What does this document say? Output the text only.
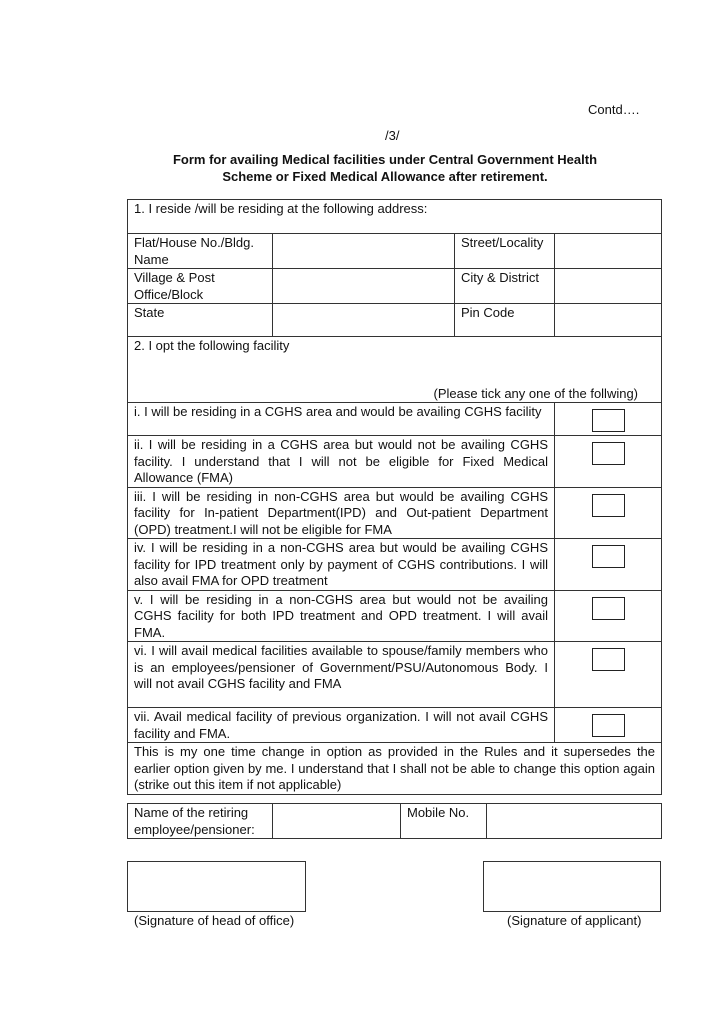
Contd….
/3/
Form for availing Medical facilities under Central Government Health
Scheme or Fixed Medical Allowance after retirement.
1. I reside /will be residing at the following address:			
Flat/House No./Bldg. Name		Street/Locality	
Village & Post Office/Block		City & District	
State		Pin Code	

2. I opt the following facility
(Please tick any one of the follwing)			

i. I will be residing in a CGHS area and would be availing CGHS facility			

ii. I will be residing in a CGHS area but would not be availing CGHS facility. I understand that I will not be eligible for Fixed Medical Allowance (FMA)			

iii. I will be residing in non-CGHS area but would be availing CGHS facility for In-patient Department(IPD) and Out-patient Department (OPD) treatment.I will not be eligible for FMA			

iv. I will be residing in a non-CGHS area but would be availing CGHS facility for IPD treatment only by payment of CGHS contributions. I will also avail FMA for OPD treatment			

v. I will be residing in a non-CGHS area but would not be availing CGHS facility for both IPD treatment and OPD treatment. I will avail FMA.			

vi. I will avail medical facilities available to spouse/family members who is an employees/pensioner of Government/PSU/Autonomous Body. I will not avail CGHS facility and FMA			

vii. Avail medical facility of previous organization. I will not avail CGHS facility and FMA.			

This is my one time change in option as provided in the Rules and it supersedes the earlier option given by me. I understand that I shall not be able to change this option again (strike out this item if not applicable)			
Name of the retiring employee/pensioner:		Mobile No.	
(Signature of head of office)	(Signature of applicant)
